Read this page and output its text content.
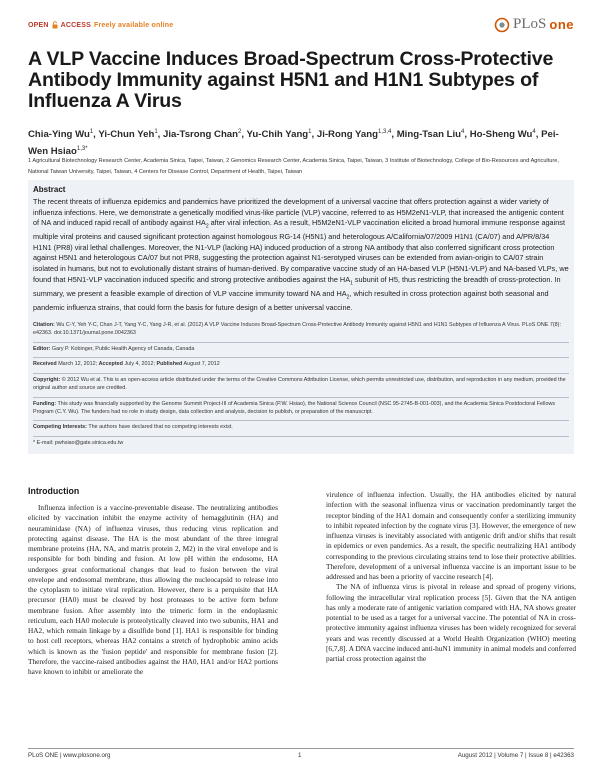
OPEN ACCESS Freely available online	PLoS one
A VLP Vaccine Induces Broad-Spectrum Cross-Protective Antibody Immunity against H5N1 and H1N1 Subtypes of Influenza A Virus
Chia-Ying Wu$^1$, Yi-Chun Yeh$^1$, Jia-Tsrong Chan$^2$, Yu-Chih Yang$^1$, Ji-Rong Yang$^{1,3,4}$, Ming-Tsan Liu$^4$, Ho-Sheng Wu$^4$, Pei-Wen Hsiao$^{1,3*}$
1 Agricultural Biotechnology Research Center, Academia Sinica, Taipei, Taiwan, 2 Genomics Research Center, Academia Sinica, Taipei, Taiwan, 3 Institute of Biotechnology, College of Bio-Resources and Agriculture, National Taiwan University, Taipei, Taiwan, 4 Centers for Disease Control, Department of Health, Taipei, Taiwan
Abstract
The recent threats of influenza epidemics and pandemics have prioritized the development of a universal vaccine that offers protection against a wider variety of influenza infections. Here, we demonstrate a genetically modified virus-like particle (VLP) vaccine, referred to as H5M2eN1-VLP, that increased the antigenic content of NA and induced rapid recall of antibody against $HA_2$ after viral infection. As a result, H5M2eN1-VLP vaccination elicited a broad humoral immune response against multiple viral proteins and caused significant protection against homologous RG-14 (H5N1) and heterologous A/California/07/2009 H1N1 (CA/07) and A/PR/8/34 H1N1 (PR8) viral lethal challenges. Moreover, the N1-VLP (lacking HA) induced production of a strong NA antibody that also conferred significant cross protection against H5N1 and heterologous CA/07 but not PR8, suggesting the protection against N1-serotyped viruses can be extended from avian-origin to CA/07 strain isolated in humans, but not to evolutionally distant strains of human-derived. By comparative vaccine study of an HA-based VLP (H5N1-VLP) and NA-based VLPs, we found that H5N1-VLP vaccination induced specific and strong protective antibodies against the $HA_1$ subunit of H5, thus restricting the breadth of cross-protection. In summary, we present a feasible example of direction of VLP vaccine immunity toward NA and $HA_2$, which resulted in cross protection against both seasonal and pandemic influenza strains, that could form the basis for future design of a better universal vaccine.
Citation: Wu C-Y, Yeh Y-C, Chan J-T, Yang Y-C, Yang J-R, et al. (2012) A VLP Vaccine Induces Broad-Spectrum Cross-Protective Antibody Immunity against H5N1 and H1N1 Subtypes of Influenza A Virus. PLoS ONE 7(8): e42363. doi:10.1371/journal.pone.0042363
Editor: Gary P. Kobinger, Public Health Agency of Canada, Canada
Received March 12, 2012; Accepted July 4, 2012; Published August 7, 2012
Copyright: © 2012 Wu et al. This is an open-access article distributed under the terms of the Creative Commons Attribution License, which permits unrestricted use, distribution, and reproduction in any medium, provided the original author and source are credited.
Funding: This study was financially supported by the Genome Summit Project-III of Academia Sinica (P.W. Hsiao), the National Science Council (NSC 95-2745-B-001-003), and the Academia Sinica Postdoctoral Fellows Program (C.Y. Wu). The funders had no role in study design, data collection and analysis, decision to publish, or preparation of the manuscript.
Competing Interests: The authors have declared that no competing interests exist.
* E-mail: pwhsiao@gate.sinica.edu.tw
Introduction
Influenza infection is a vaccine-preventable disease. The neutralizing antibodies elicited by vaccination inhibit the enzyme activity of hemagglutinin (HA) and neuraminidase (NA) of influenza viruses, thus reducing virus replication and protecting against disease. The HA is the most abundant of the three integral membrane proteins (HA, NA, and matrix protein 2, M2) in the viral envelope and is responsible for both binding and fusion. At low pH within the endosome, HA undergoes great conformational changes that lead to fusion between the viral envelope and endosomal membrane, thus allowing the nucleocapsid to release into the cytoplasm to initiate viral replication. However, there is a perquisite that HA precursor (HA0) must be cleaved by host proteases to be active form before membrane fusion. After assembly into the trimeric form in the endoplasmic reticulum, each HA0 molecule is proteolytically cleaved into two subunits, HA1 and HA2, which remain linkage by a disulfide bond [1]. HA1 is responsible for binding to host cell receptors, whereas HA2 contains a stretch of hydrophobic amino acids which is known as the 'fusion peptide' and responsible for membrane fusion [2]. Therefore, the vaccine-raised antibodies against the HA0, HA1 and/or HA2 portions have known to inhibit or ameliorate the

virulence of influenza infection. Usually, the HA antibodies elicited by natural infection with the seasonal influenza virus or vaccination predominantly target the receptor binding of the HA1 domain and consequently confer a sterilizing immunity to inhibit repeated infection by the cognate virus [3]. However, the emergence of new influenza viruses is inevitably associated with antigenic drift and/or shifts that result in epidemics or even pandemics. As a result, the specific neutralizing HA1 antibody corresponding to the previous circulating strains tend to lose their protective abilities. Therefore, development of a universal influenza vaccine is an important issue to be addressed and has been a priority of vaccine research [4].

The NA of influenza virus is pivotal in release and spread of progeny virions, following the intracellular viral replication process [5]. Given that the NA antigen has only a moderate rate of antigenic variation compared with HA, NA shows greater potential to be used as a target for a universal vaccine. The potential of NA in cross-protective immunity against influenza viruses has been widely recognized for several years and was recently discussed at a World Health Organization (WHO) meeting [6,7,8]. A DNA vaccine induced anti-huN1 immunity in animal models and conferred partial cross protection against the

PLoS ONE | www.plosone.org	1	August 2012 | Volume 7 | Issue 8 | e42363
